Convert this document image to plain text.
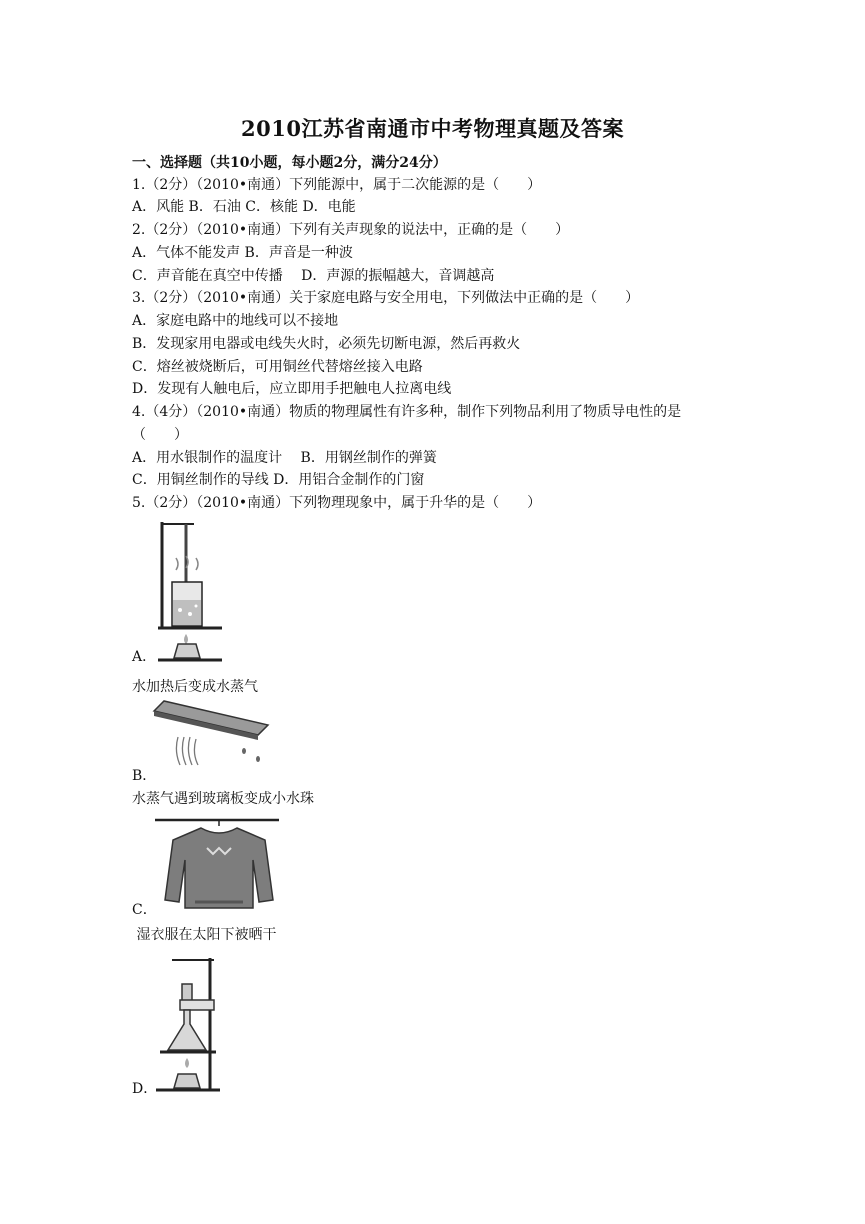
2010江苏省南通市中考物理真题及答案

一、选择题（共10小题，每小题2分，满分24分）

1.（2分）（2010•南通）下列能源中，属于二次能源的是（　　）

A．风能 B．石油 C．核能 D．电能

2.（2分）（2010•南通）下列有关声现象的说法中，正确的是（　　）

A．气体不能发声 B．声音是一种波

C．声音能在真空中传播　 D．声源的振幅越大，音调越高

3.（2分）（2010•南通）关于家庭电路与安全用电，下列做法中正确的是（　　）

A．家庭电路中的地线可以不接地

B．发现家用电器或电线失火时，必须先切断电源，然后再救火

C．熔丝被烧断后，可用铜丝代替熔丝接入电路

D．发现有人触电后，应立即用手把触电人拉离电线

4.（4分）（2010•南通）物质的物理属性有许多种，制作下列物品利用了物质导电性的是

（　　）

A．用水银制作的温度计　 B．用钢丝制作的弹簧

C．用铜丝制作的导线 D．用铝合金制作的门窗

5.（2分）（2010•南通）下列物理现象中，属于升华的是（　　）

A．

水加热后变成水蒸气

B．

水蒸气遇到玻璃板变成小水珠

C．

湿衣服在太阳下被晒干

D．
